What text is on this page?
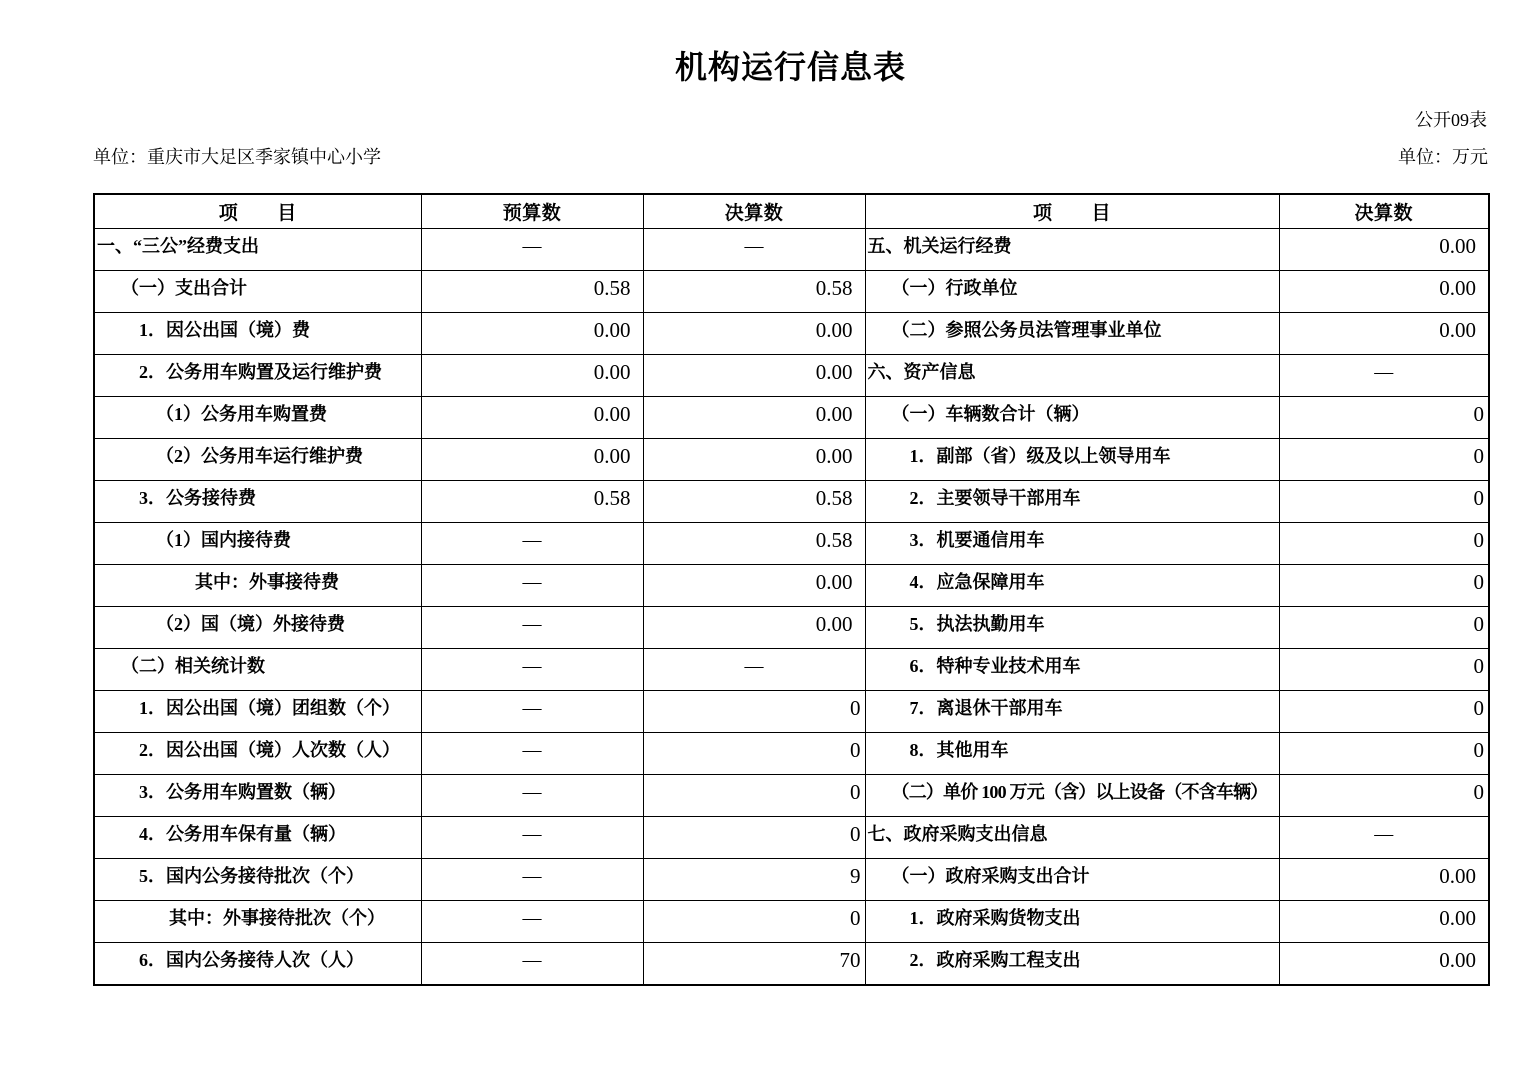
机构运行信息表
公开09表
单位：重庆市大足区季家镇中心小学	单位：万元
项　　目	预算数	决算数	项　　目	决算数
一、“三公”经费支出	—	—	五、机关运行经费	0.00
（一）支出合计	0.58	0.58	（一）行政单位	0.00
1．因公出国（境）费	0.00	0.00	（二）参照公务员法管理事业单位	0.00
2．公务用车购置及运行维护费	0.00	0.00	六、资产信息	—
（1）公务用车购置费	0.00	0.00	（一）车辆数合计（辆）	0
（2）公务用车运行维护费	0.00	0.00	1．副部（省）级及以上领导用车	0
3．公务接待费	0.58	0.58	2．主要领导干部用车	0
（1）国内接待费	—	0.58	3．机要通信用车	0
其中：外事接待费	—	0.00	4．应急保障用车	0
（2）国（境）外接待费	—	0.00	5．执法执勤用车	0
（二）相关统计数	—	—	6．特种专业技术用车	0
1．因公出国（境）团组数（个）	—	0	7．离退休干部用车	0
2．因公出国（境）人次数（人）	—	0	8．其他用车	0
3．公务用车购置数（辆）	—	0	（二）单价 100 万元（含）以上设备（不含车辆）	0
4．公务用车保有量（辆）	—	0	七、政府采购支出信息	—
5．国内公务接待批次（个）	—	9	（一）政府采购支出合计	0.00
其中：外事接待批次（个）	—	0	1．政府采购货物支出	0.00
6．国内公务接待人次（人）	—	70	2．政府采购工程支出	0.00
